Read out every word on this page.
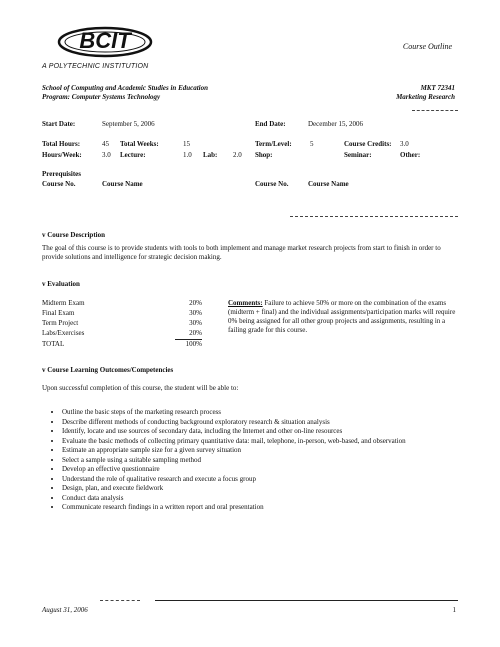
BCIT
A POLYTECHNIC INSTITUTION
Course Outline
School of Computing and Academic Studies in Education
Program: Computer Systems Technology
MKT 72341
Marketing Research
Start Date:	September 5, 2006	End Date:	December 15, 2006
Total Hours:	45 Total Weeks:	15	Term/Level:	5	Course Credits: 3.0
Hours/Week:	3.0 Lecture:	1.0 Lab: 2.0 Shop:	Seminar:	Other:
Prerequisites
Course No.	Course Name	Course No.	Course Name
v Course Description
The goal of this course is to provide students with tools to both implement and manage market research projects from start to finish in order to provide solutions and intelligence for strategic decision making.
v Evaluation
Midterm Exam	20%
Final Exam	30%
Term Project	30%
Labs/Exercises	20%
TOTAL	100%
Comments: Failure to achieve 50% or more on the combination of the exams (midterm + final) and the individual assignments/participation marks will require 0% being assigned for all other group projects and assignments, resulting in a failing grade for this course.
v Course Learning Outcomes/Competencies
Upon successful completion of this course, the student will be able to:
• Outline the basic steps of the marketing research process
• Describe different methods of conducting background exploratory research & situation analysis
• Identify, locate and use sources of secondary data, including the Internet and other on-line resources
• Evaluate the basic methods of collecting primary quantitative data: mail, telephone, in-person, web-based, and observation
• Estimate an appropriate sample size for a given survey situation
• Select a sample using a suitable sampling method
• Develop an effective questionnaire
• Understand the role of qualitative research and execute a focus group
• Design, plan, and execute fieldwork
• Conduct data analysis
• Communicate research findings in a written report and oral presentation
August 31, 2006	1
